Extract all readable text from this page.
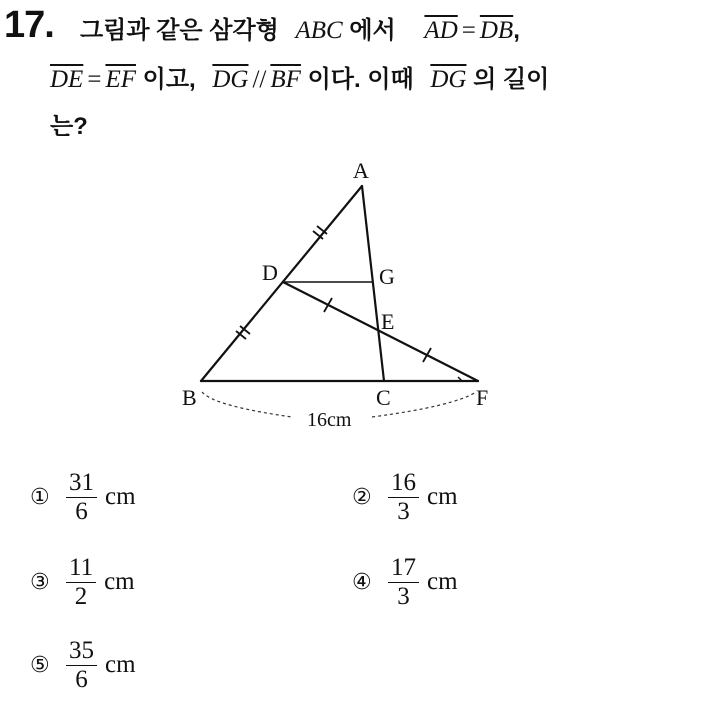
17. 그림과 같은 삼각형 ABC 에서 $\overline{AD} = \overline{DB}$,
$\overline{DE} = \overline{EF}$ 이고, $\overline{DG} // \overline{BF}$ 이다. 이때 $\overline{DG}$ 의 길이
는?
A
B	C
D
E
F
G
16cm
① $\frac{31}{6}$ cm	② $\frac{16}{3}$ cm
③ $\frac{11}{2}$ cm	④ $\frac{17}{3}$ cm
⑤ $\frac{35}{6}$ cm
